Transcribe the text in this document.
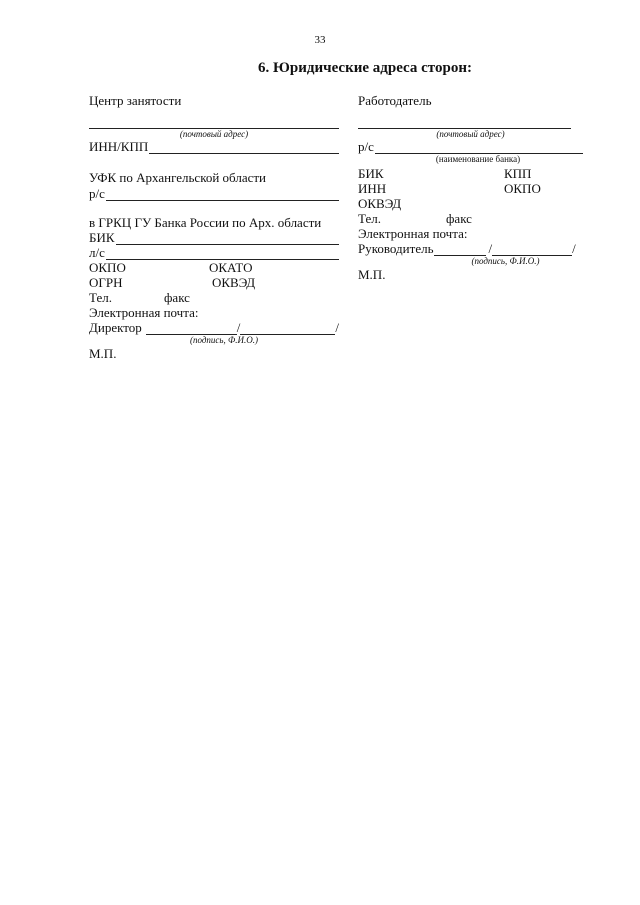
33
6. Юридические адреса сторон:
Центр занятости
(почтовый адрес)
ИНН/КПП
УФК по Архангельской области
р/с
в ГРКЦ ГУ Банка России по Арх. области
БИК
л/с
ОКПО	ОКАТО
ОГРН	ОКВЭД
Тел.	факс
Электронная почта:
Директор	/	/
(подпись, Ф.И.О.)
М.П.
Работодатель
(почтовый адрес)
р/с
(наименование банка)
БИК	КПП
ИНН	ОКПО
ОКВЭД
Тел.	факс
Электронная почта:
Руководитель	/	/
(подпись, Ф.И.О.)
М.П.
